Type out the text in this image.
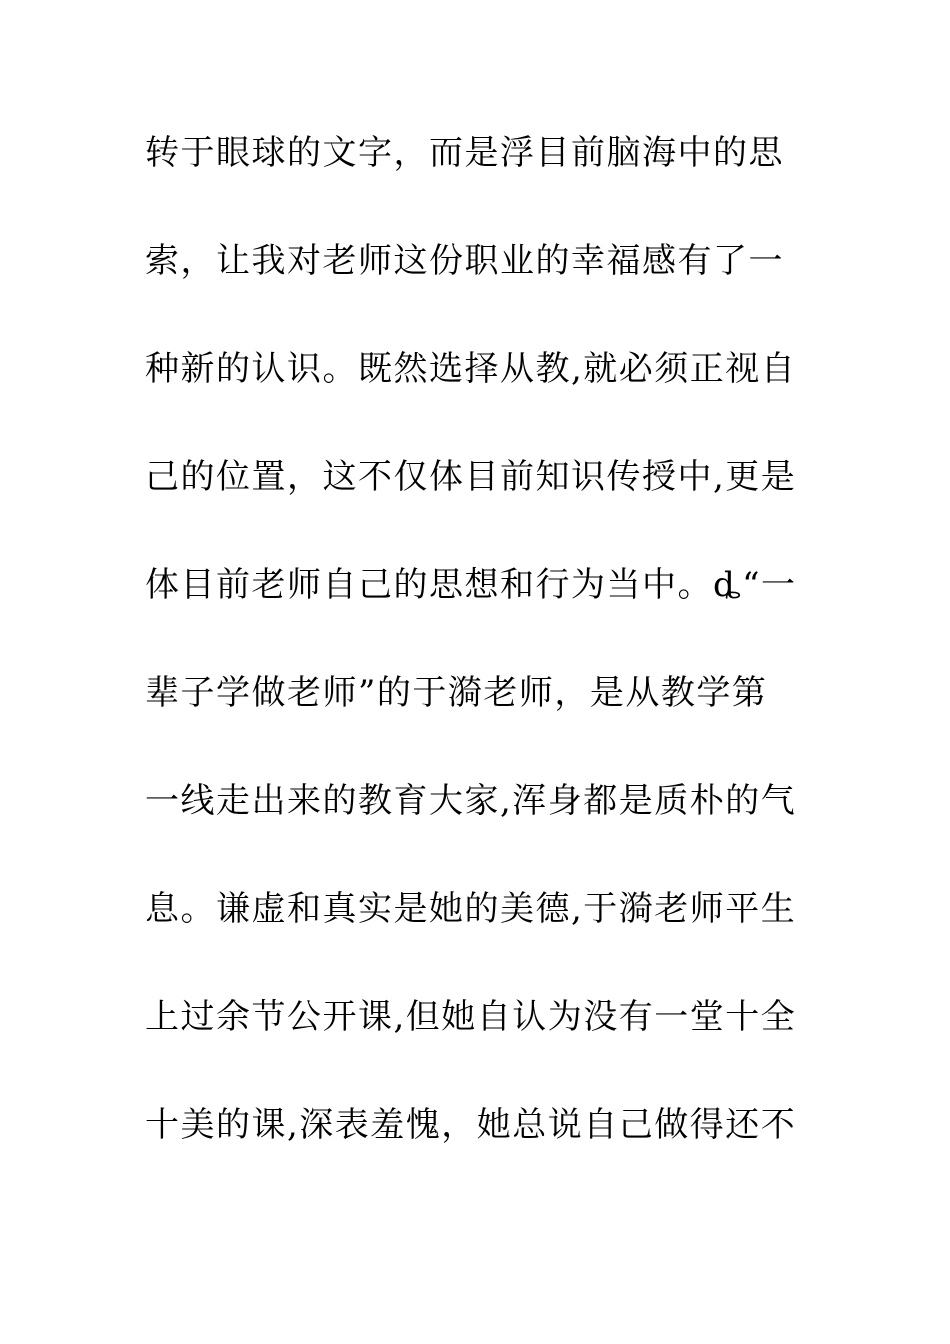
转于眼球的文字，而是浮目前脑海中的思
索，让我对老师这份职业的幸福感有了一
种新的认识。既然选择从教,就必须正视自
己的位置，这不仅体目前知识传授中,更是
体目前老师自己的思想和行为当中。ȡ“一
辈子学做老师”的于漪老师，是从教学第
一线走出来的教育大家,浑身都是质朴的气
息。谦虚和真实是她的美德,于漪老师平生
上过余节公开课,但她自认为没有一堂十全
十美的课,深表羞愧，她总说自己做得还不
